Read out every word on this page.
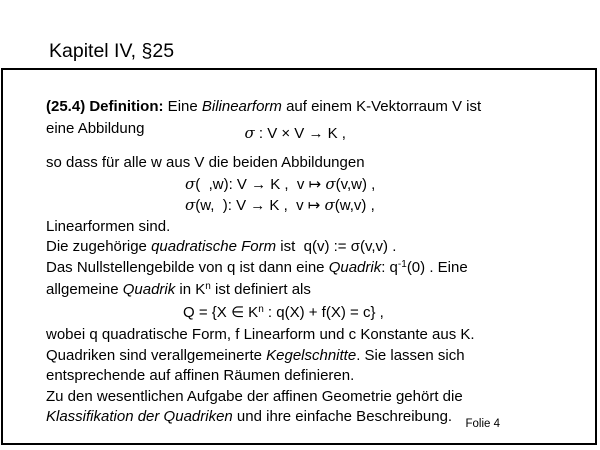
Kapitel IV, §25
(25.4) Definition: Eine Bilinearform auf einem K-Vektorraum V ist
eine Abbildung	σ : V × V → K ,
so dass für alle w aus V die beiden Abbildungen
σ(  ,w): V → K ,  v ↦ σ(v,w) ,
σ(w,  ): V → K ,  v ↦ σ(w,v) ,
Linearformen sind.
Die zugehörige quadratische Form ist  q(v) := σ(v,v) .
Das Nullstellengebilde von q ist dann eine Quadrik: $q^{-1}(0)$ . Eine
allgemeine Quadrik in $K^n$ ist definiert als
Q = {X ∈ $K^n$ : q(X) + f(X) = c} ,
wobei q quadratische Form, f Linearform und c Konstante aus K.
Quadriken sind verallgemeinerte Kegelschnitte. Sie lassen sich
entsprechende auf affinen Räumen definieren.
Zu den wesentlichen Aufgabe der affinen Geometrie gehört die
Klassifikation der Quadriken und ihre einfache Beschreibung.	Folie 4
